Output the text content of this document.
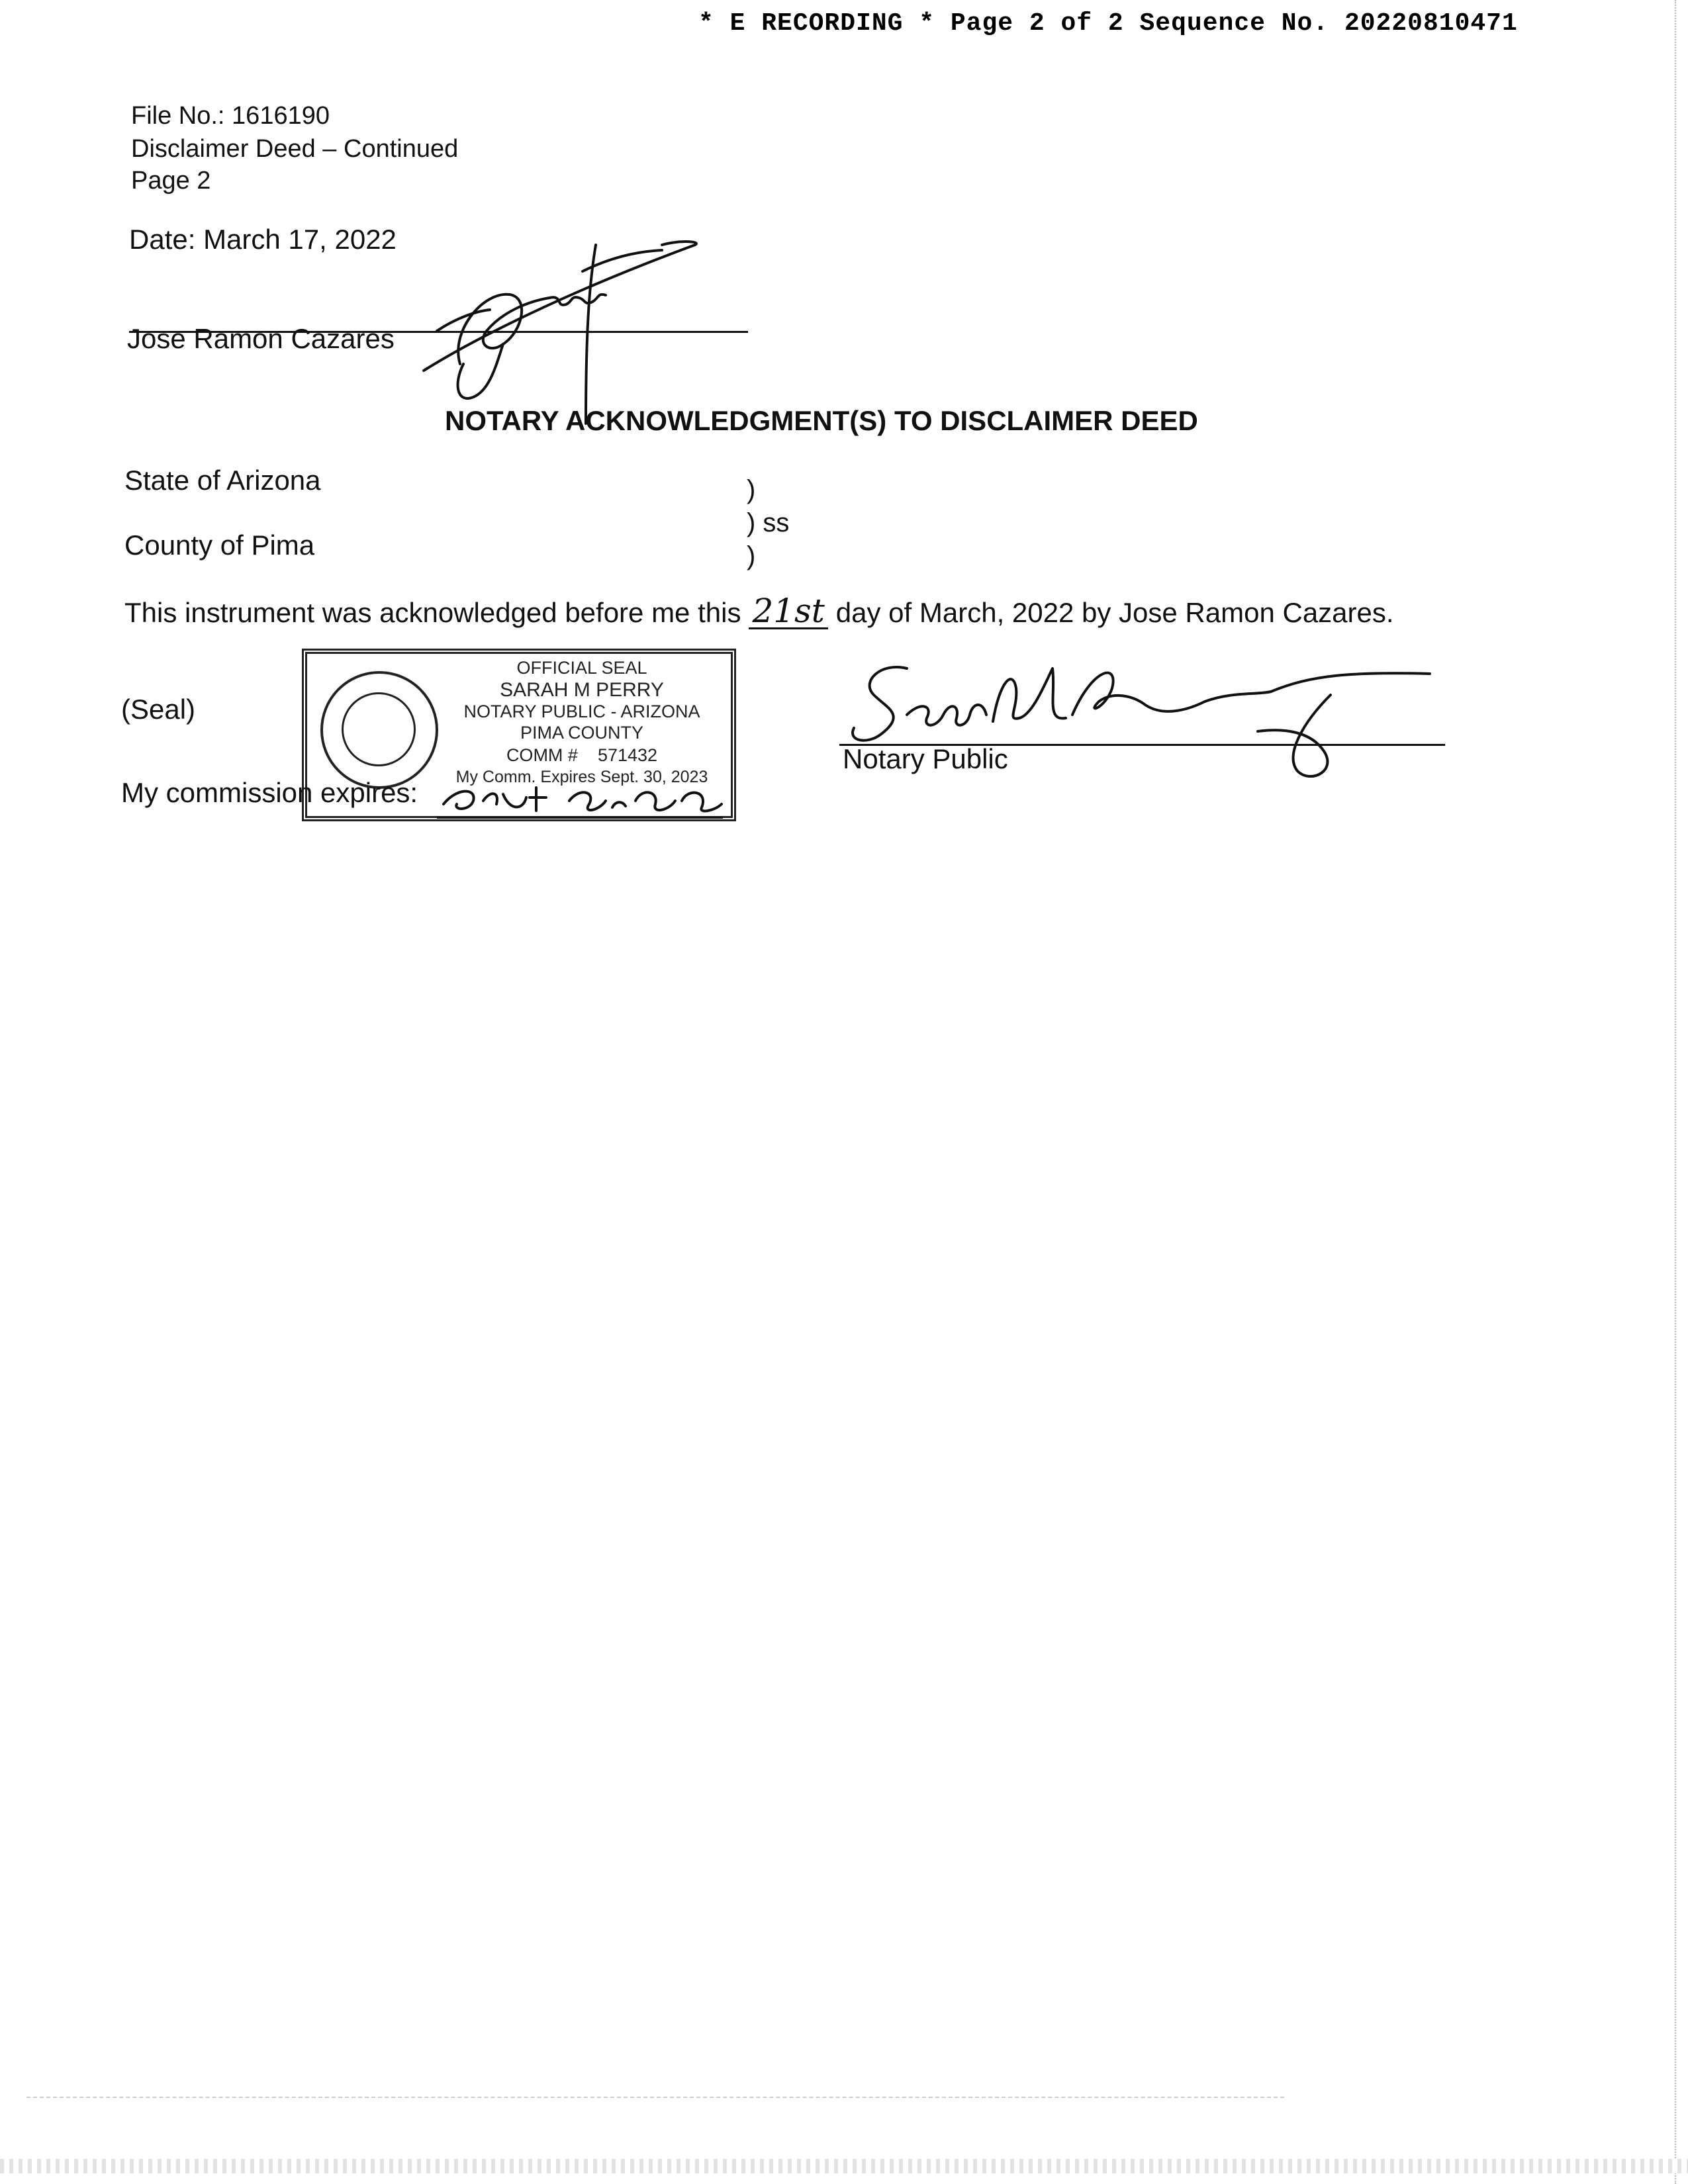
* E RECORDING * Page 2 of 2 Sequence No. 20220810471
File No.: 1616190
Disclaimer Deed – Continued
Page 2
Date: March 17, 2022
Jose Ramon Cazares
NOTARY ACKNOWLEDGMENT(S) TO DISCLAIMER DEED
State of Arizona	)
) ss
)
County of Pima
This instrument was acknowledged before me this 21st day of March, 2022 by Jose Ramon Cazares.
(Seal)
OFFICIAL SEAL
SARAH M PERRY
NOTARY PUBLIC - ARIZONA
PIMA COUNTY
COMM # 571432
My Comm. Expires Sept. 30, 2023
My commission expires:
Notary Public
